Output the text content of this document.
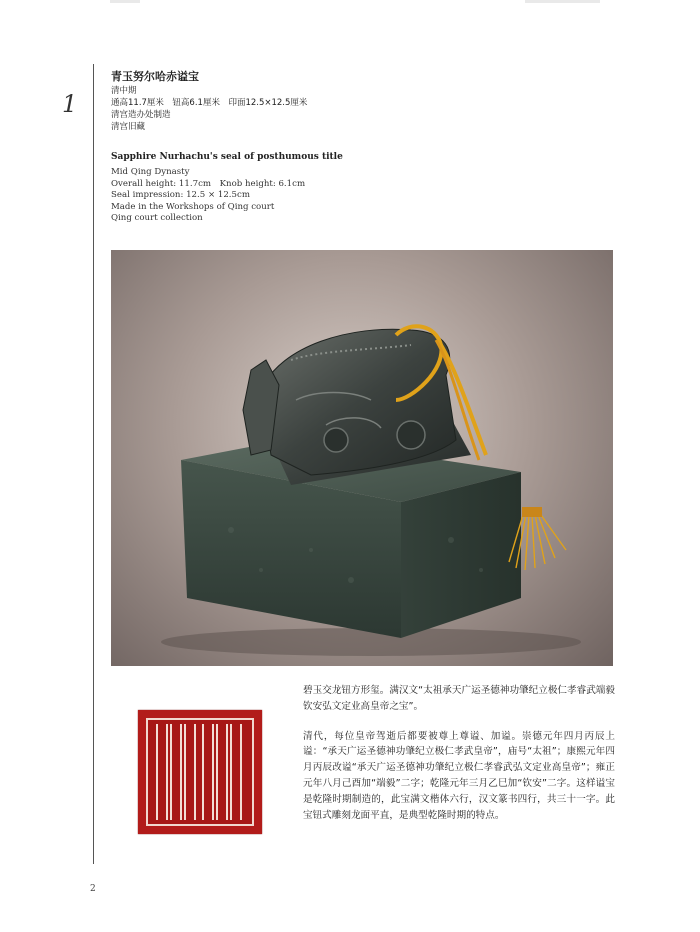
1
青玉努尔哈赤谥宝
清中期
通高11.7厘米　钮高6.1厘米　印面12.5×12.5厘米
清宫造办处制造
清宫旧藏
Sapphire Nurhachu's seal of posthumous title
Mid Qing Dynasty
Overall height: 11.7cm　Knob height: 6.1cm
Seal impression: 12.5 × 12.5cm
Made in the Workshops of Qing court
Qing court collection

碧玉交龙钮方形玺。满汉文“太祖承天广运圣德神功肇纪立极仁孝睿武端毅钦安弘文定业高皇帝之宝”。

清代，每位皇帝驾逝后都要被尊上尊谥、加谥。崇德元年四月丙辰上谥：“承天广运圣德神功肇纪立极仁孝武皇帝”，庙号“太祖”；康熙元年四月丙辰改谥“承天广运圣德神功肇纪立极仁孝睿武弘文定业高皇帝”；雍正元年八月己酉加“端毅”二字；乾隆元年三月乙巳加“钦安”二字。这样谥宝是乾隆时期制造的，此宝满文楷体六行，汉文篆书四行，共三十一字。此宝钮式雕刻龙面平直，是典型乾隆时期的特点。

2
